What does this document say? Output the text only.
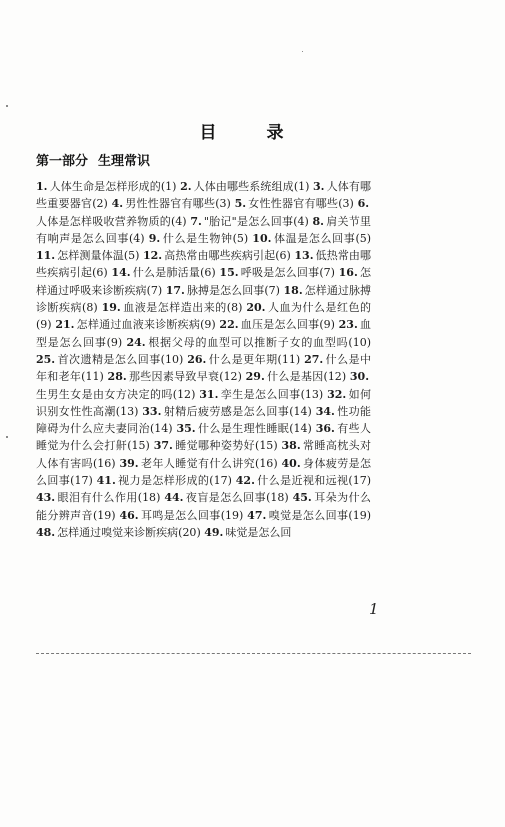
目 录
第一部分 生理常识
1. 人体生命是怎样形成的(1) 2. 人体由哪些系统组成(1) 3. 人体有哪些重要器官(2) 4. 男性性器官有哪些(3) 5. 女性性器官有哪些(3) 6.人体是怎样吸收营养物质的(4) 7. "胎记"是怎么回事(4) 8. 肩关节里有响声是怎么回事(4) 9. 什么是生物钟(5) 10. 体温是怎么回事(5) 11. 怎样测量体温(5) 12. 高热常由哪些疾病引起(6) 13. 低热常由哪些疾病引起(6) 14. 什么是肺活量(6) 15. 呼吸是怎么回事(7) 16. 怎样通过呼吸来诊断疾病(7) 17. 脉搏是怎么回事(7) 18. 怎样通过脉搏诊断疾病(8) 19. 血液是怎样造出来的(8) 20. 人血为什么是红色的(9) 21. 怎样通过血液来诊断疾病(9) 22. 血压是怎么回事(9) 23. 血型是怎么回事(9) 24. 根据父母的血型可以推断子女的血型吗(10) 25. 首次遗精是怎么回事(10) 26. 什么是更年期(11) 27. 什么是中年和老年(11) 28. 那些因素导致早衰(12) 29. 什么是基因(12) 30.生男生女是由女方决定的吗(12) 31. 孪生是怎么回事(13) 32. 如何识别女性性高潮(13) 33. 射精后疲劳感是怎么回事(14) 34. 性功能障碍为什么应夫妻同治(14) 35. 什么是生理性睡眠(14) 36. 有些人睡觉为什么会打鼾(15) 37. 睡觉哪种姿势好(15) 38. 常睡高枕头对人体有害吗(16) 39. 老年人睡觉有什么讲究(16) 40. 身体疲劳是怎么回事(17) 41. 视力是怎样形成的(17) 42. 什么是近视和远视(17) 43. 眼泪有什么作用(18) 44. 夜盲是怎么回事(18) 45. 耳朵为什么能分辨声音(19) 46. 耳鸣是怎么回事(19) 47. 嗅觉是怎么回事(19) 48. 怎样通过嗅觉来诊断疾病(20) 49. 味觉是怎么回
1
